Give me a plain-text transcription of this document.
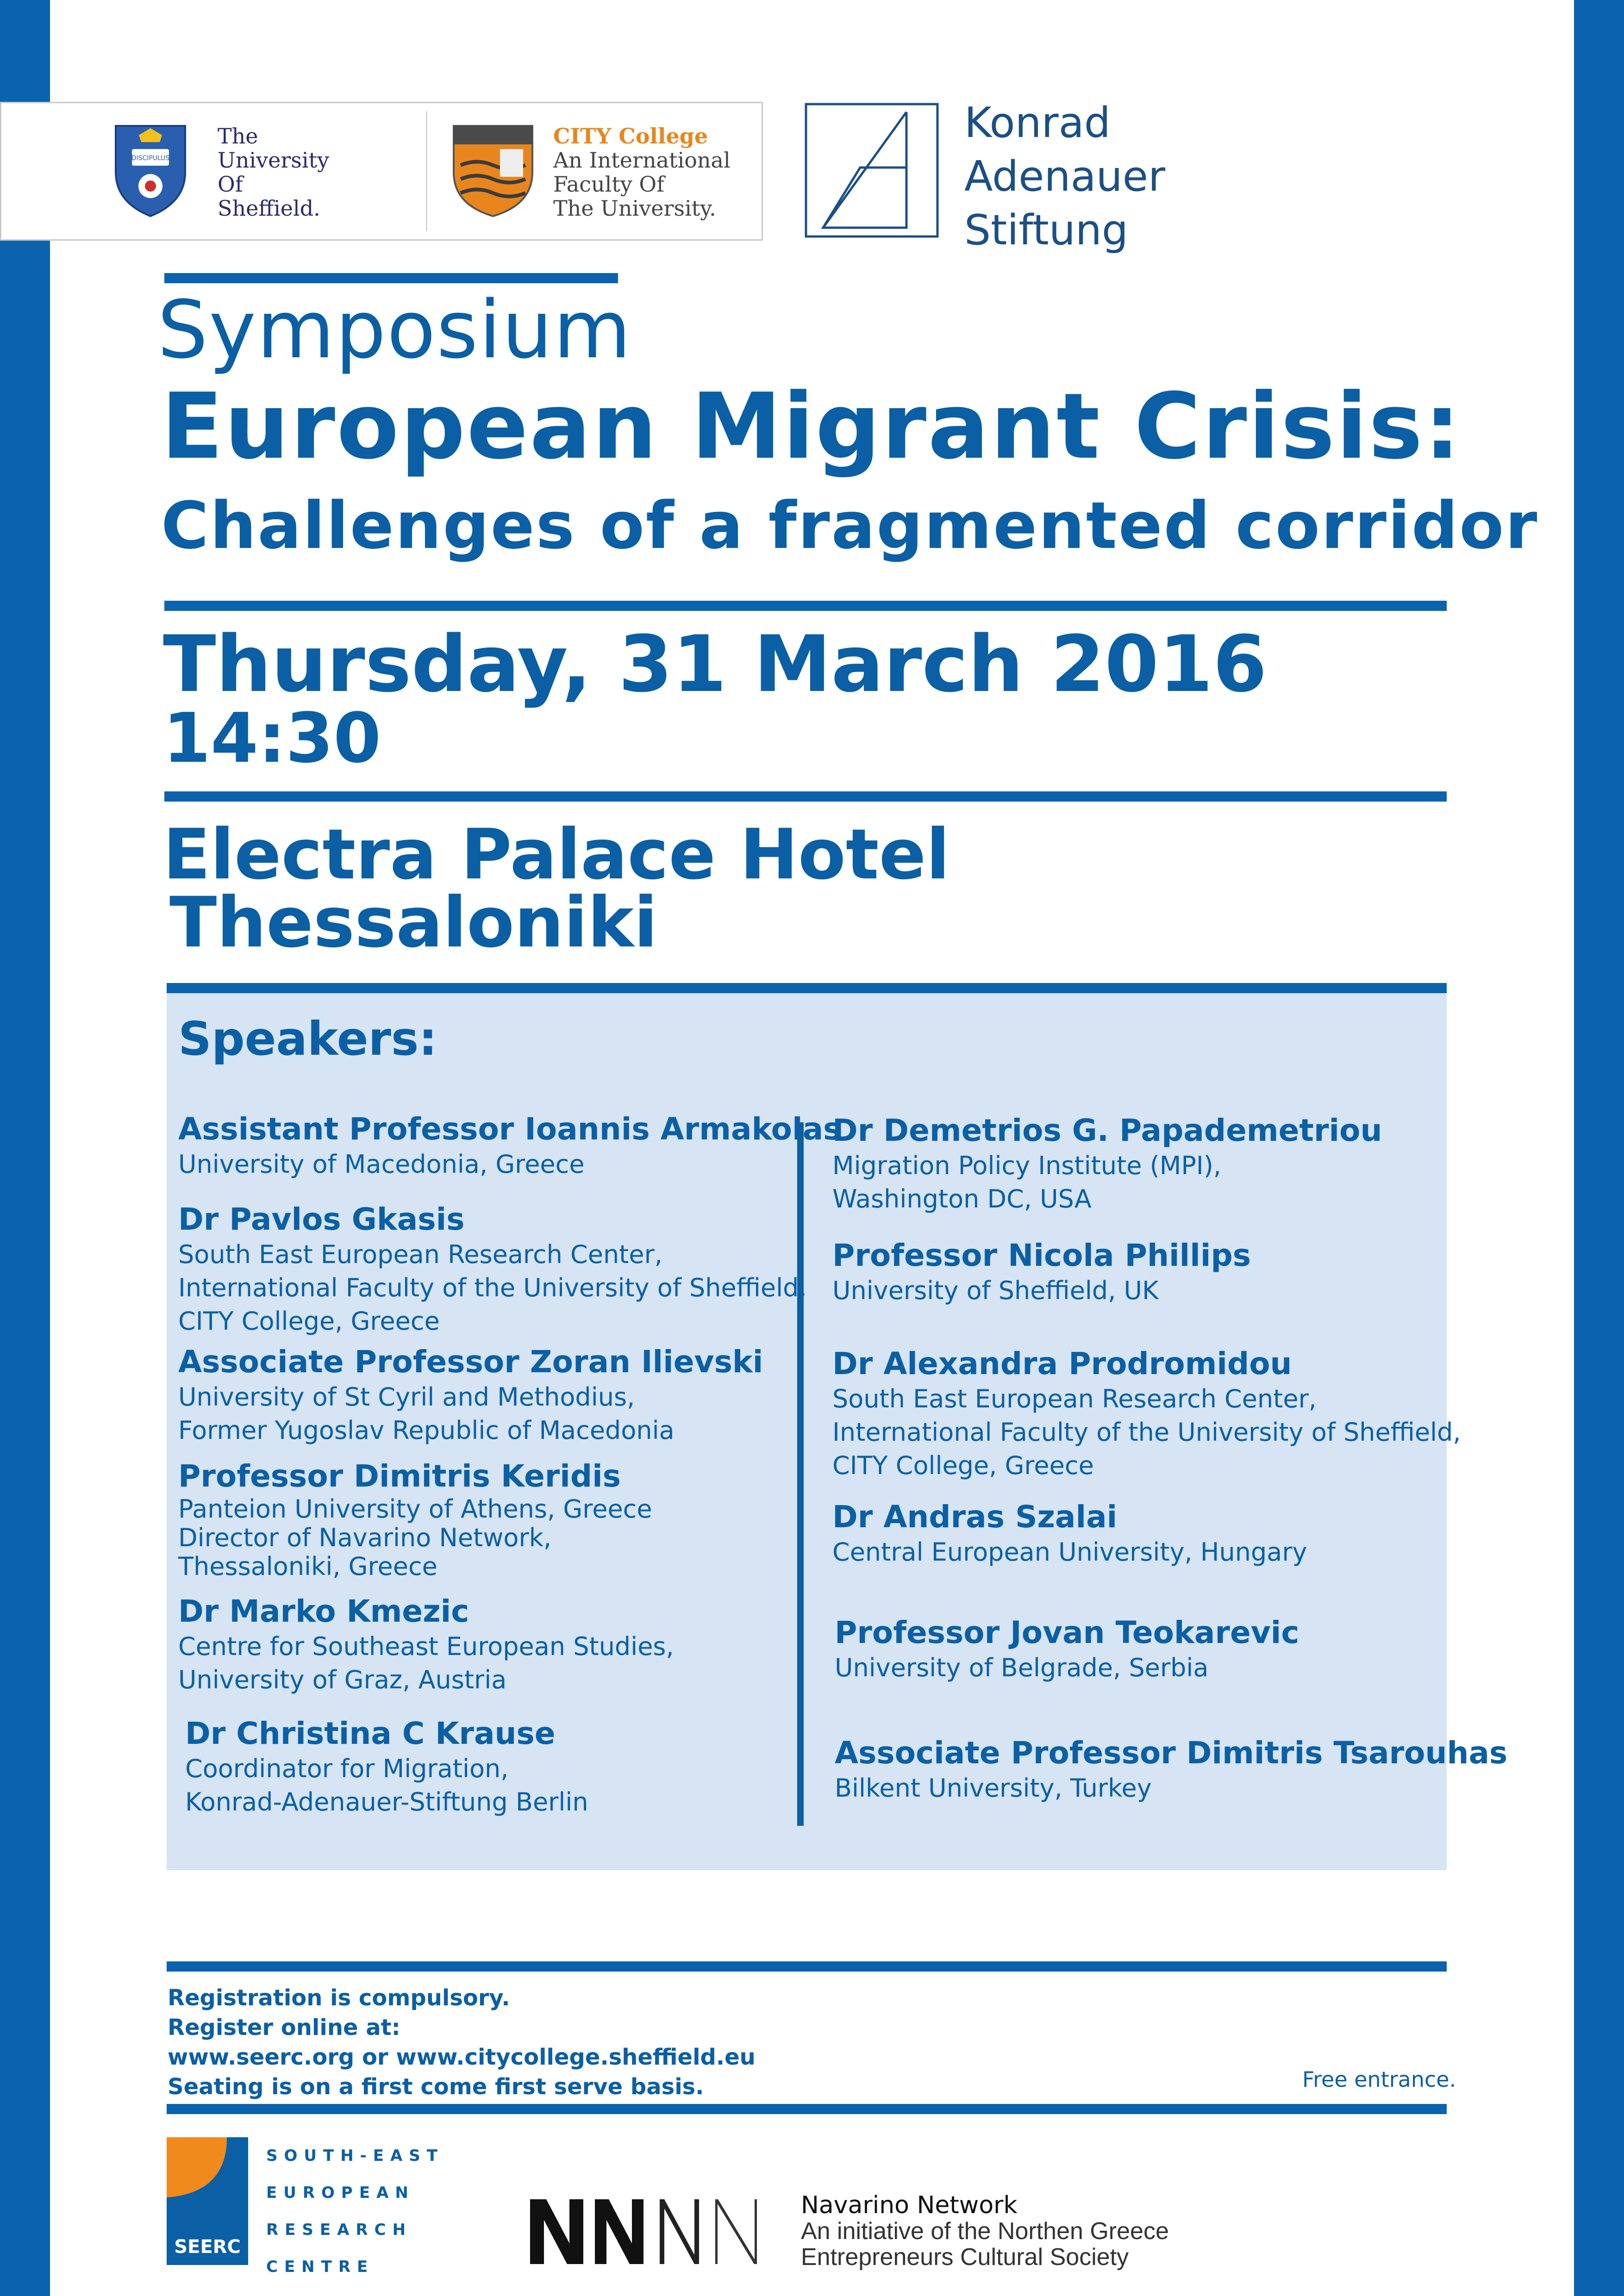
DISCIPULUS
The
University
Of
Sheffield.
CITY College
An International
Faculty Of
The University.
Konrad
Adenauer
Stiftung
Symposium
European Migrant Crisis:
Challenges of a fragmented corridor
Thursday, 31 March 2016
14:30
Electra Palace Hotel
Thessaloniki
Speakers:
Assistant Professor Ioannis Armakolas
University of Macedonia, Greece
Dr Pavlos Gkasis
South East European Research Center,
International Faculty of the University of Sheffield,
CITY College, Greece
Associate Professor Zoran Ilievski
University of St Cyril and Methodius,
Former Yugoslav Republic of Macedonia
Professor Dimitris Keridis
Panteion University of Athens, Greece
Director of Navarino Network,
Thessaloniki, Greece
Dr Marko Kmezic
Centre for Southeast European Studies,
University of Graz, Austria
Dr Christina C Krause
Coordinator for Migration,
Konrad-Adenauer-Stiftung Berlin
Dr Demetrios G. Papademetriou
Migration Policy Institute (MPI),
Washington DC, USA
Professor Nicola Phillips
University of Sheffield, UK
Dr Alexandra Prodromidou
South East European Research Center,
International Faculty of the University of Sheffield,
CITY College, Greece
Dr Andras Szalai
Central European University, Hungary
Professor Jovan Teokarevic
University of Belgrade, Serbia
Associate Professor Dimitris Tsarouhas
Bilkent University, Turkey
Registration is compulsory.
Register online at:
www.seerc.org or www.citycollege.sheffield.eu
Seating is on a first come first serve basis.	Free entrance.
SEERC
SOUTH-EAST
EUROPEAN
RESEARCH
CENTRE
Navarino Network
An initiative of the Northen Greece
Entrepreneurs Cultural Society
